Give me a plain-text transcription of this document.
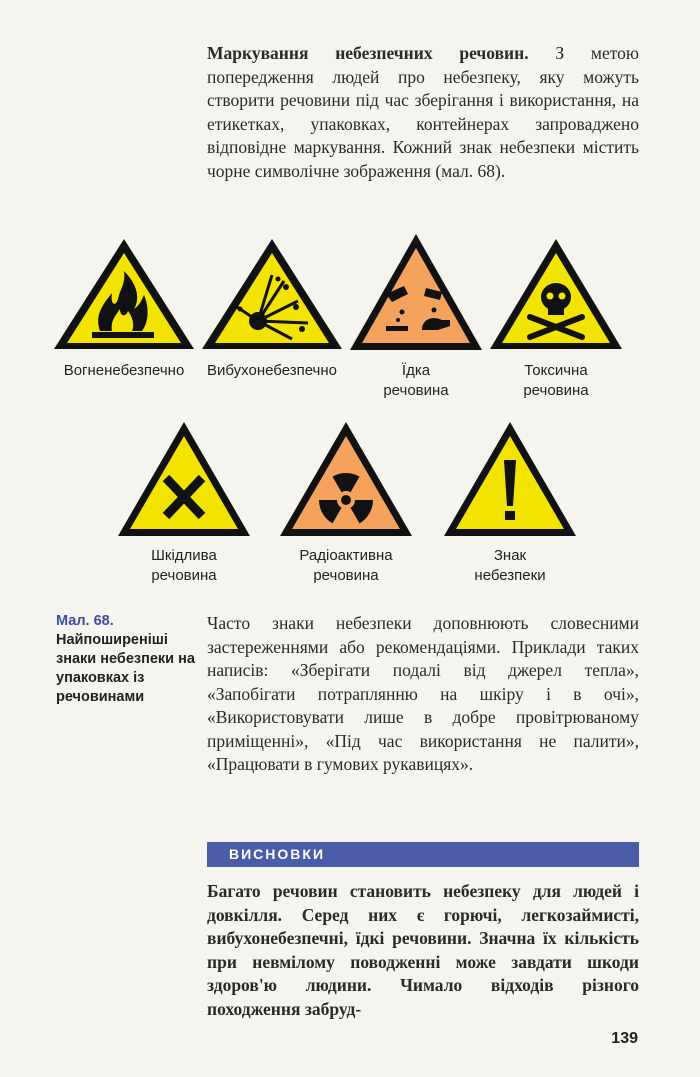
Маркування небезпечних речовин. З метою попередження людей про небезпеку, яку можуть створити речовини під час зберігання і використання, на етикетках, упаковках, контейнерах запроваджено відповідне маркування. Кожний знак небезпеки містить чорне символічне зображення (мал. 68).

Вогненебезпечно Вибухонебезпечно	Їдка
речовина
Токсична
речовина
Шкідлива
речовина
Радіоактивна
речовина
Знак
небезпеки
Мал. 68.
Найпоширеніші знаки небезпеки на упаковках із речовинами

Часто знаки небезпеки доповнюють словесними застереженнями або рекомендаціями. Приклади таких написів: «Зберігати подалі від джерел тепла», «Запобігати потраплянню на шкіру і в очі», «Використовувати лише в добре провітрюваному приміщенні», «Під час використання не палити», «Працювати в гумових рукавицях».

ВИСНОВКИ

Багато речовин становить небезпеку для людей і довкілля. Серед них є горючі, легкозаймисті, вибухонебезпечні, їдкі речовини. Значна їх кількість при невмілому поводженні може завдати шкоди здоров'ю людини. Чимало відходів різного походження забруд-

139
